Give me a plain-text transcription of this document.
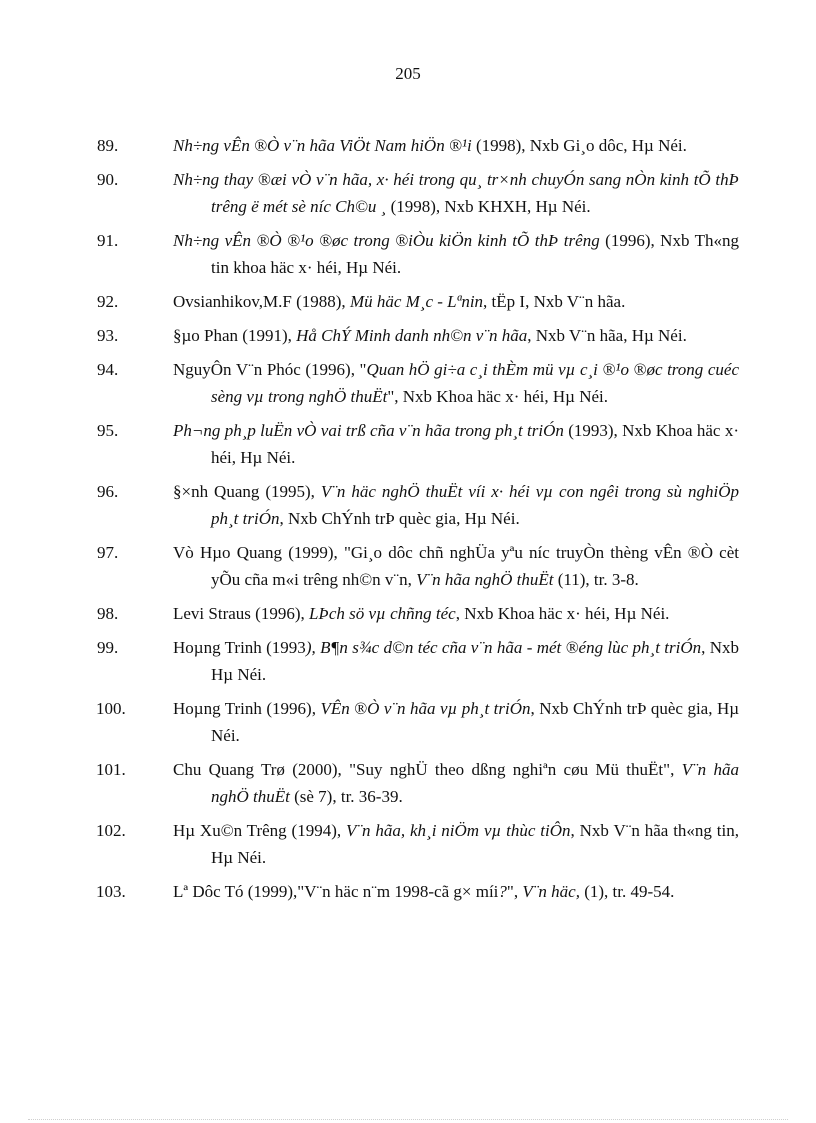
205
89.	Nh÷ng vÊn ®Ò v¨n hãa ViÖt Nam hiÖn ®¹i (1998), Nxb Gi¸o dôc, Hµ Néi.
90.	Nh÷ng thay ®æi vÒ v¨n hãa, x· héi trong qu¸ tr×nh chuyÓn sang nÒn kinh tÕ thÞ trêng ë mét sè níc Ch©u ¸ (1998), Nxb KHXH, Hµ Néi.
91.	Nh÷ng vÊn ®Ò ®¹o ®øc trong ®iÒu kiÖn kinh tÕ thÞ trêng (1996), Nxb Th«ng tin khoa häc x· héi, Hµ Néi.
92.	Ovsianhikov,M.F (1988), Mü häc M¸c - Lªnin, tËp I, Nxb V¨n hãa.
93.	§µo Phan (1991), Hå ChÝ Minh danh nh©n v¨n hãa, Nxb V¨n hãa, Hµ Néi.
94.	NguyÔn V¨n Phóc (1996), "Quan hÖ gi÷a c¸i thÈm mü vµ c¸i ®¹o ®øc trong cuéc sèng vµ trong nghÖ thuËt", Nxb Khoa häc x· héi, Hµ Néi.
95.	Ph¬ng ph¸p luËn vÒ vai trß cña v¨n hãa trong ph¸t triÓn (1993), Nxb Khoa häc x· héi, Hµ Néi.
96.	§×nh Quang (1995), V¨n häc nghÖ thuËt víi x· héi vµ con ngêi trong sù nghiÖp ph¸t triÓn, Nxb ChÝnh trÞ quèc gia, Hµ Néi.
97.	Vò Hµo Quang (1999), "Gi¸o dôc chñ nghÜa yªu níc truyÒn thèng vÊn ®Ò cèt yÕu cña m«i trêng nh©n v¨n, V¨n hãa nghÖ thuËt (11), tr. 3-8.
98.	Levi Straus (1996), LÞch sö vµ chñng téc, Nxb Khoa häc x· héi, Hµ Néi.
99.	Hoµng Trinh (1993), B¶n s¾c d©n téc cña v¨n hãa - mét ®éng lùc ph¸t triÓn, Nxb Hµ Néi.
100.	Hoµng Trinh (1996), VÊn ®Ò v¨n hãa vµ ph¸t triÓn, Nxb ChÝnh trÞ quèc gia, Hµ Néi.
101.	Chu Quang Trø (2000), "Suy nghÜ theo dßng nghiªn cøu Mü thuËt", V¨n hãa nghÖ thuËt (sè 7), tr. 36-39.
102.	Hµ Xu©n Trêng (1994), V¨n hãa, kh¸i niÖm vµ thùc tiÔn, Nxb V¨n hãa th«ng tin, Hµ Néi.
103.	Lª Dôc Tó (1999),"V¨n häc n¨m 1998-cã g× míi?", V¨n häc, (1), tr. 49-54.
